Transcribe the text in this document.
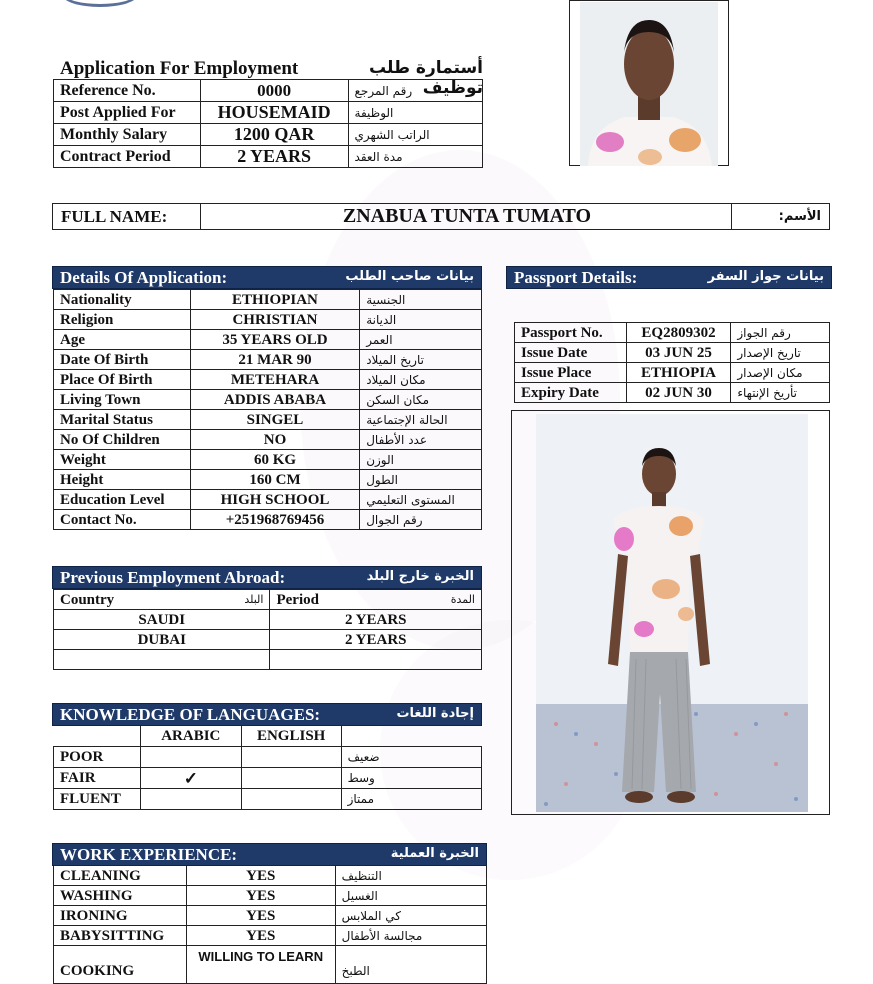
Application For Employment	أستمارة طلب توظيف
Reference No.	0000	رقم المرجع
Post Applied For	HOUSEMAID	الوظيفة
Monthly Salary	1200 QAR	الراتب الشهري
Contract Period	2 YEARS	مدة العقد
FULL NAME:	ZNABUA TUNTA TUMATO	الأسم:
Details Of Application:	بيانات صاحب الطلب
Nationality	ETHIOPIAN	الجنسية
Religion	CHRISTIAN	الديانة
Age	35 YEARS OLD	العمر
Date Of Birth	21 MAR 90	تاريخ الميلاد
Place Of Birth	METEHARA	مكان الميلاد
Living Town	ADDIS ABABA	مكان السكن
Marital Status	SINGEL	الحالة الإجتماعية
No Of Children	NO	عدد الأطفال
Weight	60 KG	الوزن
Height	160 CM	الطول
Education Level	HIGH SCHOOL	المستوى التعليمي
Contact No.	+251968769456	رقم الجوال
Passport Details:	بيانات جواز السفر
Passport No.	EQ2809302	رقم الجواز
Issue Date	03 JUN 25	تاريخ الإصدار
Issue Place	ETHIOPIA	مكان الإصدار
Expiry Date	02 JUN 30	تأريخ الإنتهاء
Previous Employment Abroad:	الخبرة خارج البلد
Country البلد	Period المدة

SAUDI	2 YEARS
DUBAI	2 YEARS

KNOWLEDGE OF LANGUAGES:	إجادة اللغات
	ARABIC	ENGLISH	
POOR			ضعيف
FAIR	✓		وسط
FLUENT			ممتاز
WORK EXPERIENCE:	الخبرة العملية
CLEANING	YES	التنظيف
WASHING	YES	الغسيل
IRONING	YES	كي الملابس
BABYSITTING	YES	مجالسة الأطفال
COOKING	WILLING TO LEARN	الطبخ
